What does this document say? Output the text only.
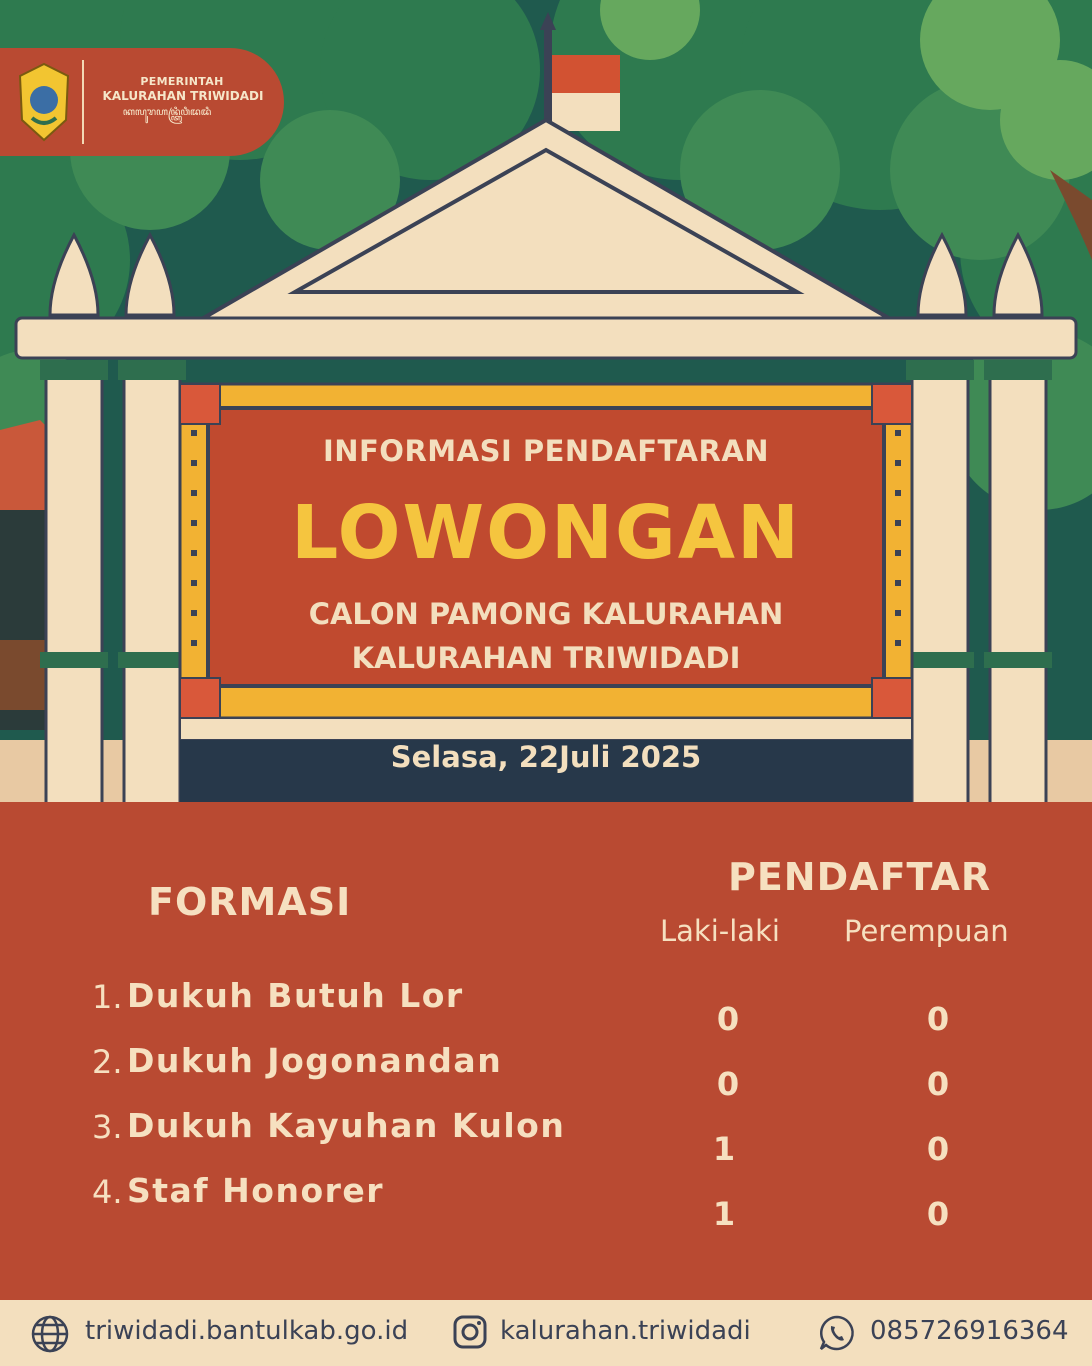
PEMERINTAH
KALURAHAN TRIWIDADI
ꦏꦭꦸꦫꦲꦤ꧀ꦠꦿꦶꦮꦶꦢꦢꦶ
INFORMASI PENDAFTARAN
LOWONGAN
CALON PAMONG KALURAHAN
KALURAHAN TRIWIDADI
Selasa, 22Juli 2025
FORMASI
PENDAFTAR
Laki-laki Perempuan
1. Dukuh Butuh Lor
0	0
2. Dukuh Jogonandan
0	0
3. Dukuh Kayuhan Kulon
1	0
4. Staf Honorer
1	0
triwidadi.bantulkab.go.id	kalurahan.triwidadi	085726916364
